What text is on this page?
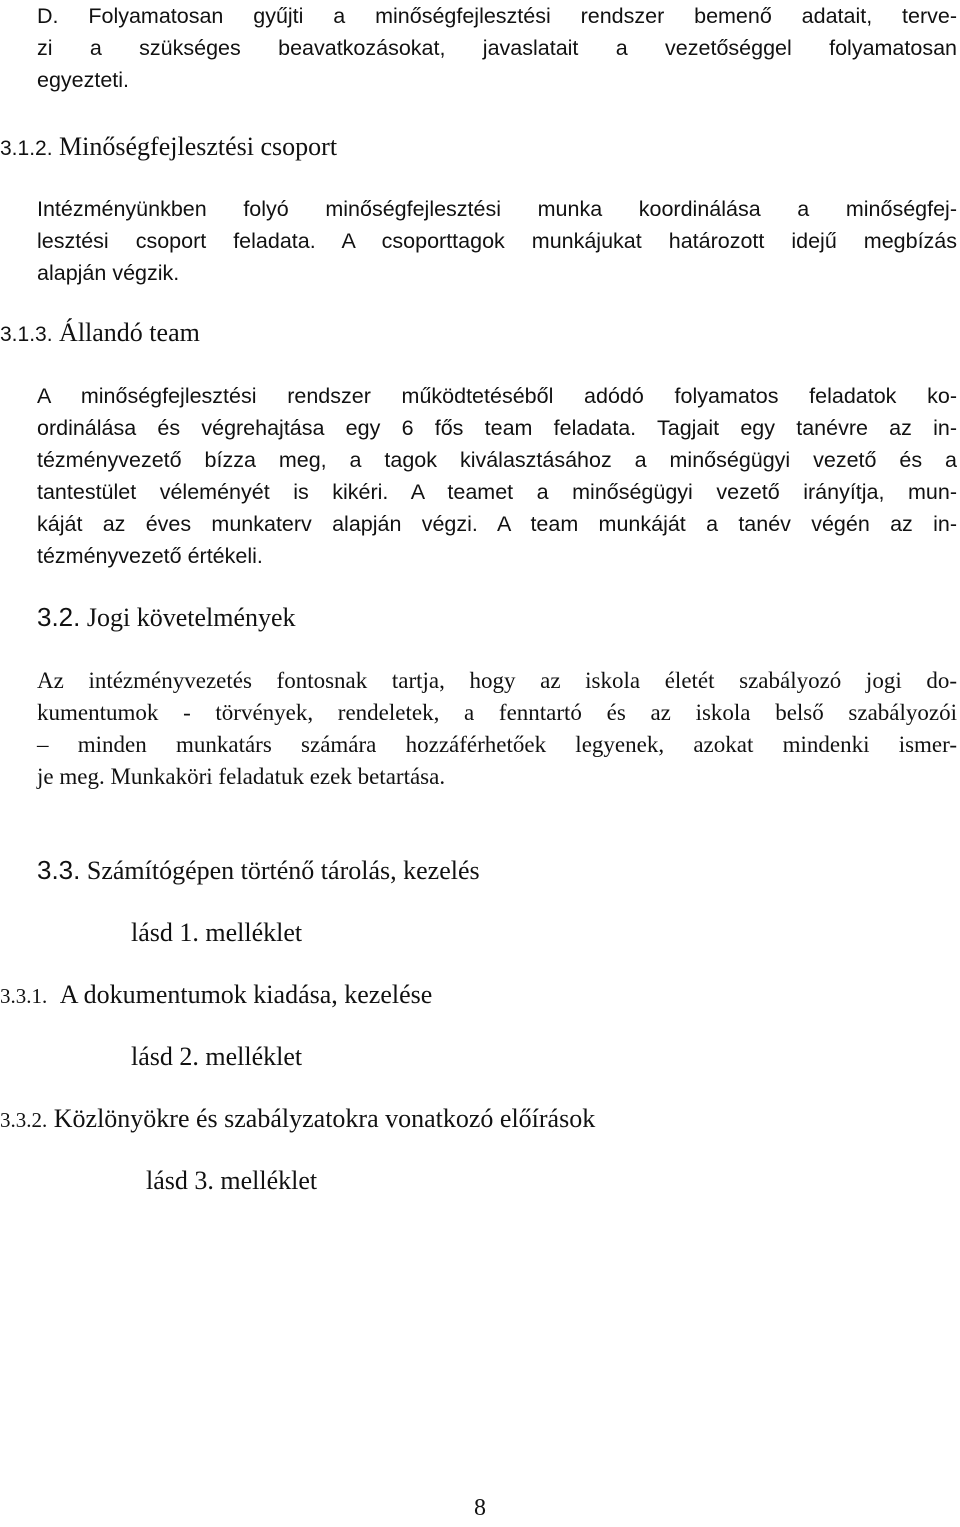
D. Folyamatosan gyűjti a minőségfejlesztési rendszer bemenő adatait, terve-

zi a szükséges beavatkozásokat, javaslatait a vezetőséggel folyamatosan

egyezteti.

3.1.2. Minőségfejlesztési csoport

Intézményünkben folyó minőségfejlesztési munka koordinálása a minőségfej-

lesztési csoport feladata. A csoporttagok munkájukat határozott idejű megbízás

alapján végzik.

3.1.3. Állandó team

A minőségfejlesztési rendszer működtetéséből adódó folyamatos feladatok ko-

ordinálása és végrehajtása egy 6 fős team feladata. Tagjait egy tanévre az in-

tézményvezető bízza meg, a tagok kiválasztásához a minőségügyi vezető és a

tantestület véleményét is kikéri. A teamet a minőségügyi vezető irányítja, mun-

káját az éves munkaterv alapján végzi. A team munkáját a tanév végén az in-

tézményvezető értékeli.

3.2. Jogi követelmények

Az intézményvezetés fontosnak tartja, hogy az iskola életét szabályozó jogi do-

kumentumok - törvények, rendeletek, a fenntartó és az iskola belső szabályozói

– minden munkatárs számára hozzáférhetőek legyenek, azokat mindenki ismer-

je meg. Munkaköri feladatuk ezek betartása.

3.3. Számítógépen történő tárolás, kezelés

lásd 1. melléklet

3.3.1. A dokumentumok kiadása, kezelése

lásd 2. melléklet

3.3.2. Közlönyökre és szabályzatokra vonatkozó előírások

lásd 3. melléklet

8
